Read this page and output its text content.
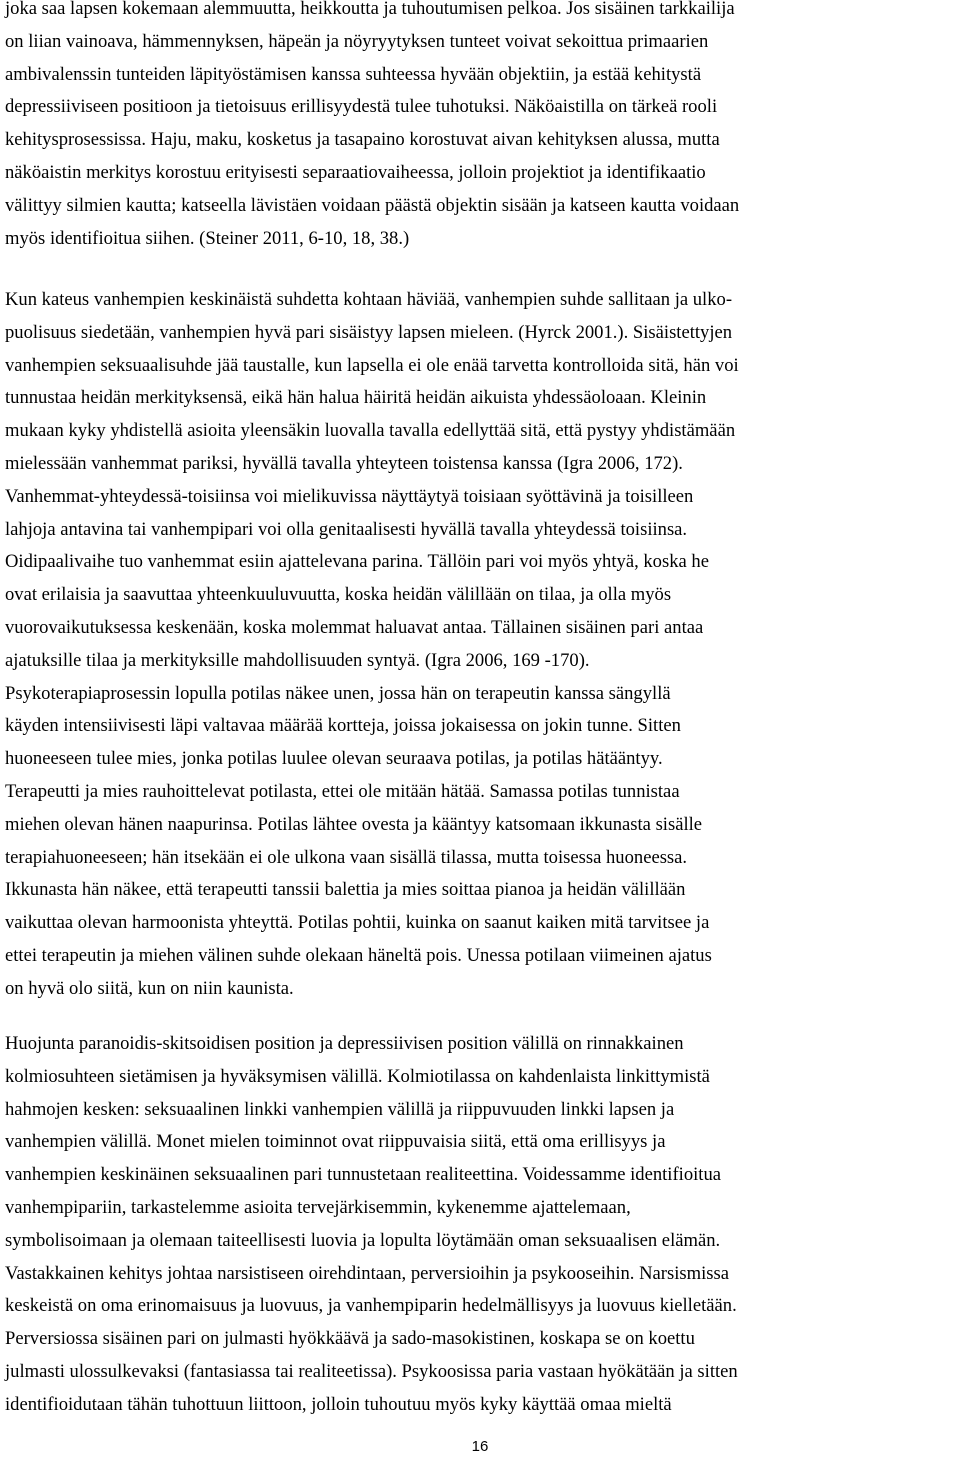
joka saa lapsen kokemaan alemmuutta, heikkoutta ja tuhoutumisen pelkoa. Jos sisäinen tarkkailija
on liian vainoava, hämmennyksen, häpeän ja nöyryytyksen tunteet voivat sekoittua primaarien
ambivalenssin tunteiden läpityöstämisen kanssa suhteessa hyvään objektiin, ja estää kehitystä
depressiiviseen positioon ja tietoisuus erillisyydestä tulee tuhotuksi. Näköaistilla on tärkeä rooli
kehitysprosessissa. Haju, maku, kosketus ja tasapaino korostuvat aivan kehityksen alussa, mutta
näköaistin merkitys korostuu erityisesti separaatiovaiheessa, jolloin projektiot ja identifikaatio
välittyy silmien kautta; katseella lävistäen voidaan päästä objektin sisään ja katseen kautta voidaan
myös identifioitua siihen. (Steiner 2011, 6-10, 18, 38.)

Kun kateus vanhempien keskinäistä suhdetta kohtaan häviää, vanhempien suhde sallitaan ja ulko-
puolisuus siedetään, vanhempien hyvä pari sisäistyy lapsen mieleen. (Hyrck 2001.). Sisäistettyjen
vanhempien seksuaalisuhde jää taustalle, kun lapsella ei ole enää tarvetta kontrolloida sitä, hän voi
tunnustaa heidän merkityksensä, eikä hän halua häiritä heidän aikuista yhdessäoloaan. Kleinin
mukaan kyky yhdistellä asioita yleensäkin luovalla tavalla edellyttää sitä, että pystyy yhdistämään
mielessään vanhemmat pariksi, hyvällä tavalla yhteyteen toistensa kanssa (Igra 2006, 172).
Vanhemmat-yhteydessä-toisiinsa voi mielikuvissa näyttäytyä toisiaan syöttävinä ja toisilleen
lahjoja antavina tai vanhempipari voi olla genitaalisesti hyvällä tavalla yhteydessä toisiinsa.
Oidipaalivaihe tuo vanhemmat esiin ajattelevana parina. Tällöin pari voi myös yhtyä, koska he
ovat erilaisia ja saavuttaa yhteenkuuluvuutta, koska heidän välillään on tilaa, ja olla myös
vuorovaikutuksessa keskenään, koska molemmat haluavat antaa. Tällainen sisäinen pari antaa
ajatuksille tilaa ja merkityksille mahdollisuuden syntyä. (Igra 2006, 169 -170).
Psykoterapiaprosessin lopulla potilas näkee unen, jossa hän on terapeutin kanssa sängyllä
käyden intensiivisesti läpi valtavaa määrää kortteja, joissa jokaisessa on jokin tunne. Sitten
huoneeseen tulee mies, jonka potilas luulee olevan seuraava potilas, ja potilas hätääntyy.
Terapeutti ja mies rauhoittelevat potilasta, ettei ole mitään hätää. Samassa potilas tunnistaa
miehen olevan hänen naapurinsa. Potilas lähtee ovesta ja kääntyy katsomaan ikkunasta sisälle
terapiahuoneeseen; hän itsekään ei ole ulkona vaan sisällä tilassa, mutta toisessa huoneessa.
Ikkunasta hän näkee, että terapeutti tanssii balettia ja mies soittaa pianoa ja heidän välillään
vaikuttaa olevan harmoonista yhteyttä. Potilas pohtii, kuinka on saanut kaiken mitä tarvitsee ja
ettei terapeutin ja miehen välinen suhde olekaan häneltä pois. Unessa potilaan viimeinen ajatus
on hyvä olo siitä, kun on niin kaunista.

Huojunta paranoidis-skitsoidisen position ja depressiivisen position välillä on rinnakkainen
kolmiosuhteen sietämisen ja hyväksymisen välillä. Kolmiotilassa on kahdenlaista linkittymistä
hahmojen kesken: seksuaalinen linkki vanhempien välillä ja riippuvuuden linkki lapsen ja
vanhempien välillä. Monet mielen toiminnot ovat riippuvaisia siitä, että oma erillisyys ja
vanhempien keskinäinen seksuaalinen pari tunnustetaan realiteettina. Voidessamme identifioitua
vanhempipariin, tarkastelemme asioita tervejärkisemmin, kykenemme ajattelemaan,
symbolisoimaan ja olemaan taiteellisesti luovia ja lopulta löytämään oman seksuaalisen elämän.
Vastakkainen kehitys johtaa narsistiseen oirehdintaan, perversioihin ja psykooseihin. Narsismissa
keskeistä on oma erinomaisuus ja luovuus, ja vanhempiparin hedelmällisyys ja luovuus kielletään.
Perversiossa sisäinen pari on julmasti hyökkäävä ja sado-masokistinen, koskapa se on koettu
julmasti ulossulkevaksi (fantasiassa tai realiteetissa). Psykoosissa paria vastaan hyökätään ja sitten
identifioidutaan tähän tuhottuun liittoon, jolloin tuhoutuu myös kyky käyttää omaa mieltä

16
